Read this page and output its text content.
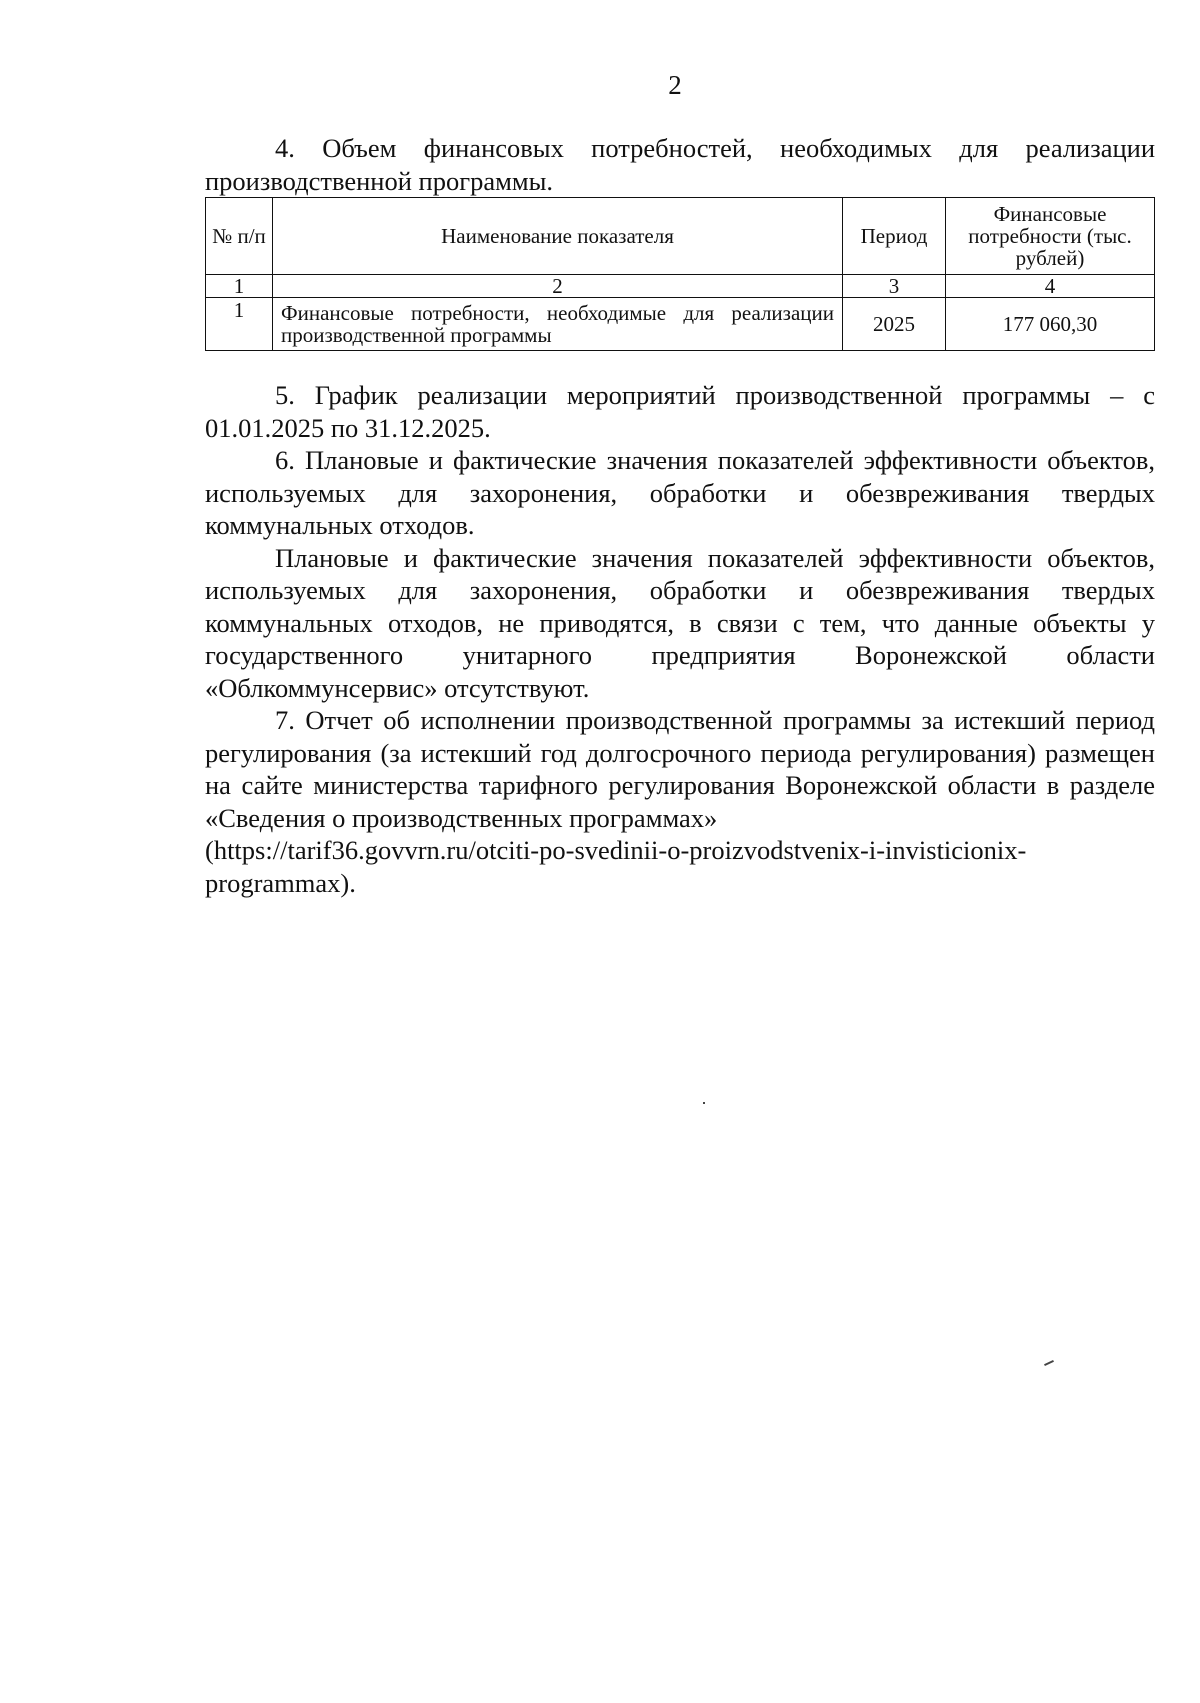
2

4. Объем финансовых потребностей, необходимых для реализации производственной программы.

№ п/п	Наименование показателя	Период	Финансовые потребности (тыс. рублей)
1	2	3	4
1	Финансовые потребности, необходимые для реализации производственной программы	2025	177 060,30

5. График реализации мероприятий производственной программы – с 01.01.2025 по 31.12.2025.

6. Плановые и фактические значения показателей эффективности объектов, используемых для захоронения, обработки и обезвреживания твердых коммунальных отходов.

Плановые и фактические значения показателей эффективности объектов, используемых для захоронения, обработки и обезвреживания твердых коммунальных отходов, не приводятся, в связи с тем, что данные объекты у государственного унитарного предприятия Воронежской области «Облкоммунсервис» отсутствуют.

7. Отчет об исполнении производственной программы за истекший период регулирования (за истекший год долгосрочного периода регулирования) размещен на сайте министерства тарифного регулирования Воронежской области в разделе «Сведения о производственных программах»

(https://tarif36.govvrn.ru/otciti-po-svedinii-o-proizvodstvenix-i-invisticionix-programmax).
